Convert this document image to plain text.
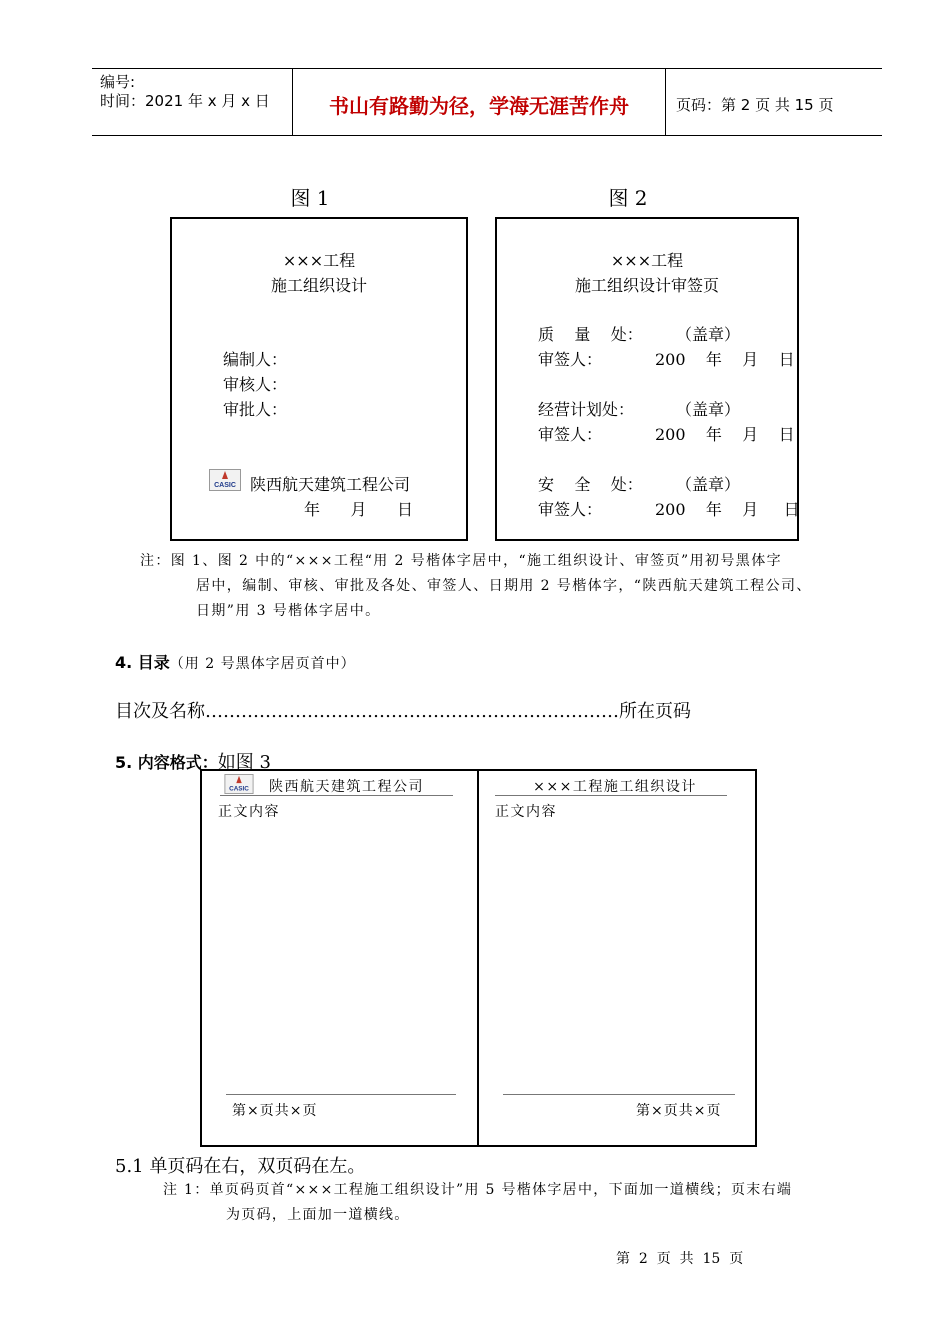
编号:
时间：2021 年 x 月 x 日	书山有路勤为径，学海无涯苦作舟	页码：第 2 页 共 15 页
图 1	图 2
×××工程
施工组织设计
编制人：
审核人：
审批人：
CASIC 陕西航天建筑工程公司
年      月      日
×××工程
施工组织设计审签页
质    量    处： （盖章）
审签人：	200    年    月    日
经营计划处：	（盖章）
审签人：	200    年    月    日
安    全    处： （盖章）
审签人：	200    年    月     日
注：图 1、图 2 中的“×××工程“用 2 号楷体字居中，“施工组织设计、审签页”用初号黑体字
居中，编制、审核、审批及各处、审签人、日期用 2 号楷体字，“陕西航天建筑工程公司、
日期”用 3 号楷体字居中。
4. 目录（用 2 号黑体字居页首中）
目次及名称……………………………………………………………所在页码
5. 内容格式：如图 3
CASIC 陕西航天建筑工程公司
正文内容
第×页共×页
×××工程施工组织设计
正文内容
第×页共×页
5.1 单页码在右，双页码在左。
注 1：单页码页首“×××工程施工组织设计”用 5 号楷体字居中，下面加一道横线；页末右端
为页码，上面加一道横线。
第  2  页  共  15  页
